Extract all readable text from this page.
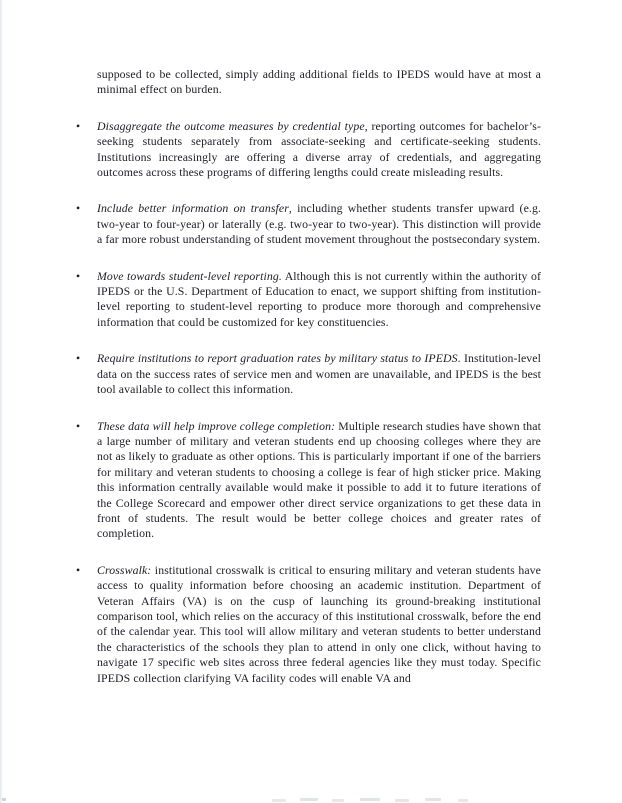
supposed to be collected, simply adding additional fields to IPEDS would have at most a minimal effect on burden.

•	Disaggregate the outcome measures by credential type, reporting outcomes for bachelor’s-seeking students separately from associate-seeking and certificate-seeking students. Institutions increasingly are offering a diverse array of credentials, and aggregating outcomes across these programs of differing lengths could create misleading results.
•	Include better information on transfer, including whether students transfer upward (e.g. two-year to four-year) or laterally (e.g. two-year to two-year). This distinction will provide a far more robust understanding of student movement throughout the postsecondary system.
•	Move towards student-level reporting. Although this is not currently within the authority of IPEDS or the U.S. Department of Education to enact, we support shifting from institution-level reporting to student-level reporting to produce more thorough and comprehensive information that could be customized for key constituencies.
•	Require institutions to report graduation rates by military status to IPEDS. Institution-level data on the success rates of service men and women are unavailable, and IPEDS is the best tool available to collect this information.
•	These data will help improve college completion: Multiple research studies have shown that a large number of military and veteran students end up choosing colleges where they are not as likely to graduate as other options. This is particularly important if one of the barriers for military and veteran students to choosing a college is fear of high sticker price. Making this information centrally available would make it possible to add it to future iterations of the College Scorecard and empower other direct service organizations to get these data in front of students. The result would be better college choices and greater rates of completion.
•	Crosswalk: institutional crosswalk is critical to ensuring military and veteran students have access to quality information before choosing an academic institution. Department of Veteran Affairs (VA) is on the cusp of launching its ground-breaking institutional comparison tool, which relies on the accuracy of this institutional crosswalk, before the end of the calendar year. This tool will allow military and veteran students to better understand the characteristics of the schools they plan to attend in only one click, without having to navigate 17 specific web sites across three federal agencies like they must today. Specific IPEDS collection clarifying VA facility codes will enable VA and
